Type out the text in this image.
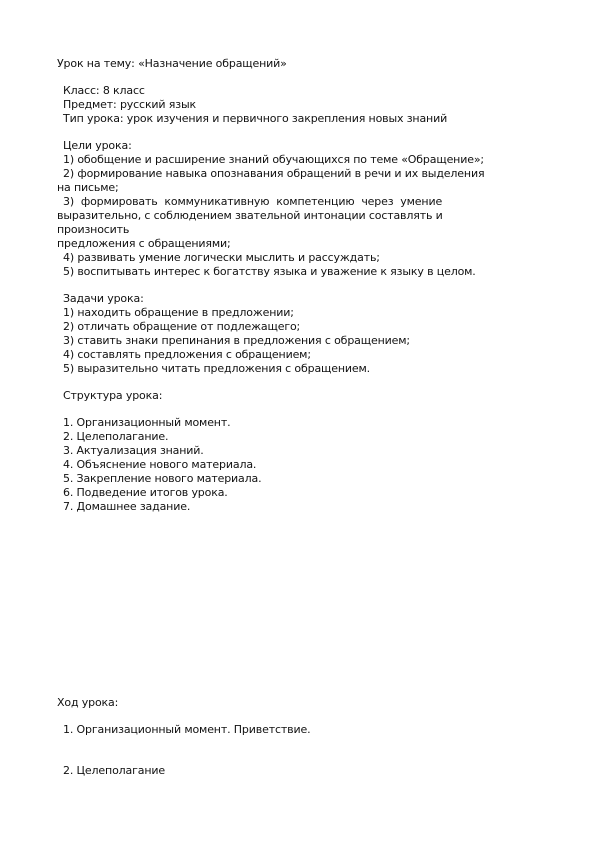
Урок на тему: «Назначение обращений»
Класс: 8 класс
Предмет: русский язык
Тип урока: урок изучения и первичного закрепления новых знаний
Цели урока:
1) обобщение и расширение знаний обучающихся по теме «Обращение»;
2) формирование навыка опознавания обращений в речи и их выделения
на письме;
3) формировать коммуникативную компетенцию через умение
выразительно, с соблюдением звательной интонации составлять и
произносить
предложения с обращениями;
4) развивать умение логически мыслить и рассуждать;
5) воспитывать интерес к богатству языка и уважение к языку в целом.
Задачи урока:
1) находить обращение в предложении;
2) отличать обращение от подлежащего;
3) ставить знаки препинания в предложения с обращением;
4) составлять предложения с обращением;
5) выразительно читать предложения с обращением.
Структура урока:
1. Организационный момент.
2. Целеполагание.
3. Актуализация знаний.
4. Объяснение нового материала.
5. Закрепление нового материала.
6. Подведение итогов урока.
7. Домашнее задание.
Ход урока:
1. Организационный момент. Приветствие.
2. Целеполагание
